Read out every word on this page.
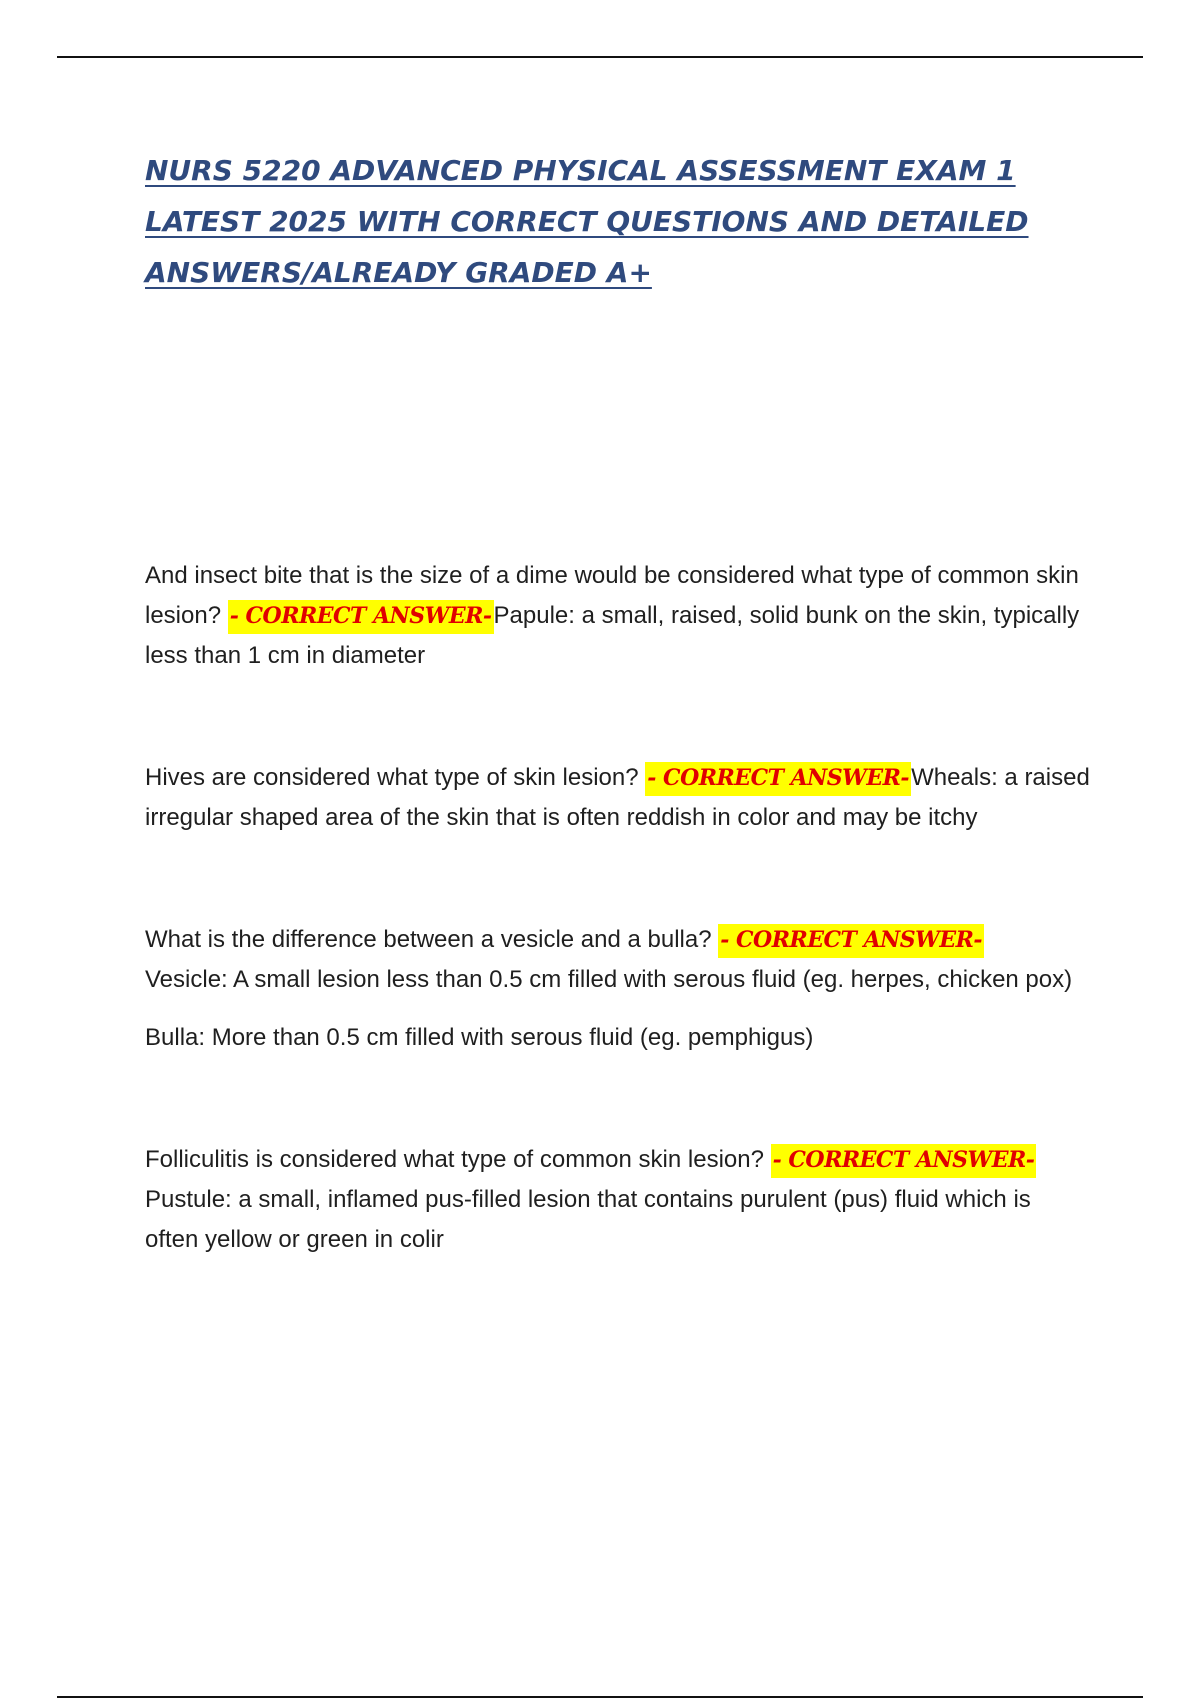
NURS 5220 ADVANCED PHYSICAL ASSESSMENT EXAM 1
LATEST 2025 WITH CORRECT QUESTIONS AND DETAILED
ANSWERS/ALREADY GRADED A+

And insect bite that is the size of a dime would be considered what type of common skin lesion? - CORRECT ANSWER-Papule: a small, raised, solid bunk on the skin, typically less than 1 cm in diameter

Hives are considered what type of skin lesion? - CORRECT ANSWER-Wheals: a raised irregular shaped area of the skin that is often reddish in color and may be itchy

What is the difference between a vesicle and a bulla? - CORRECT ANSWER-
Vesicle: A small lesion less than 0.5 cm filled with serous fluid (eg. herpes, chicken pox)

Bulla: More than 0.5 cm filled with serous fluid (eg. pemphigus)

Folliculitis is considered what type of common skin lesion? - CORRECT ANSWER-
Pustule: a small, inflamed pus-filled lesion that contains purulent (pus) fluid which is often yellow or green in colir
